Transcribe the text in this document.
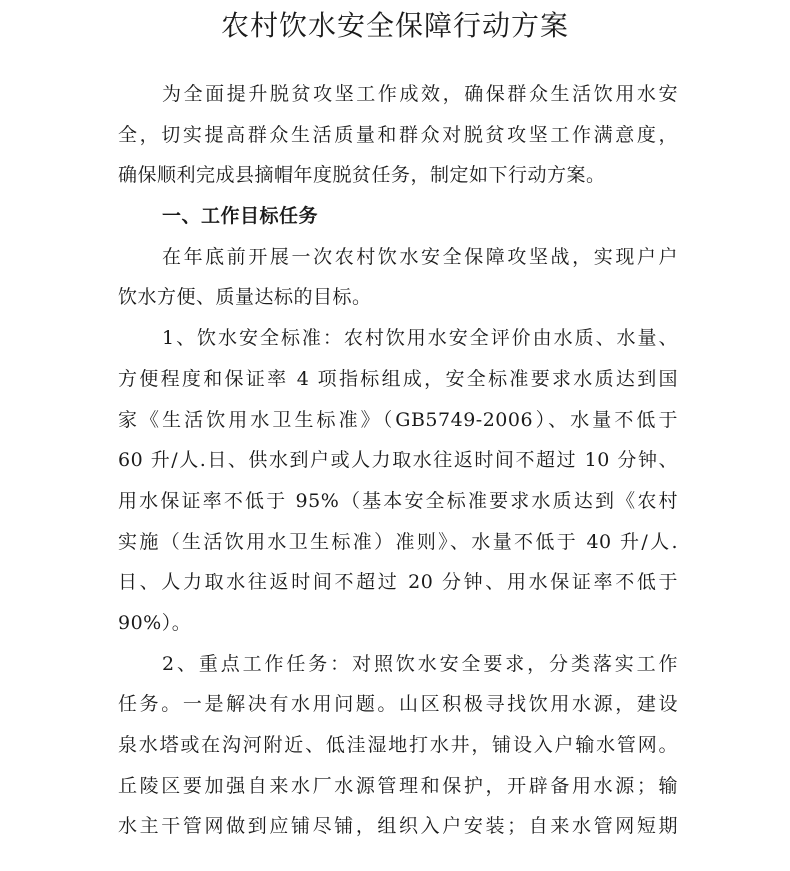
农村饮水安全保障行动方案
为全面提升脱贫攻坚工作成效，确保群众生活饮用水安
全，切实提高群众生活质量和群众对脱贫攻坚工作满意度，
确保顺利完成县摘帽年度脱贫任务，制定如下行动方案。
一、工作目标任务
在年底前开展一次农村饮水安全保障攻坚战，实现户户
饮水方便、质量达标的目标。
1、饮水安全标准：农村饮用水安全评价由水质、水量、
方便程度和保证率 4 项指标组成，安全标准要求水质达到国
家《生活饮用水卫生标准》（GB5749-2006）、水量不低于
60 升/人.日、供水到户或人力取水往返时间不超过 10 分钟、
用水保证率不低于 95%（基本安全标准要求水质达到《农村
实施（生活饮用水卫生标准）准则》、水量不低于 40 升/人.
日、人力取水往返时间不超过 20 分钟、用水保证率不低于
90%）。
2、重点工作任务：对照饮水安全要求，分类落实工作
任务。一是解决有水用问题。山区积极寻找饮用水源，建设
泉水塔或在沟河附近、低洼湿地打水井，铺设入户输水管网。
丘陵区要加强自来水厂水源管理和保护，开辟备用水源；输
水主干管网做到应铺尽铺，组织入户安装；自来水管网短期
